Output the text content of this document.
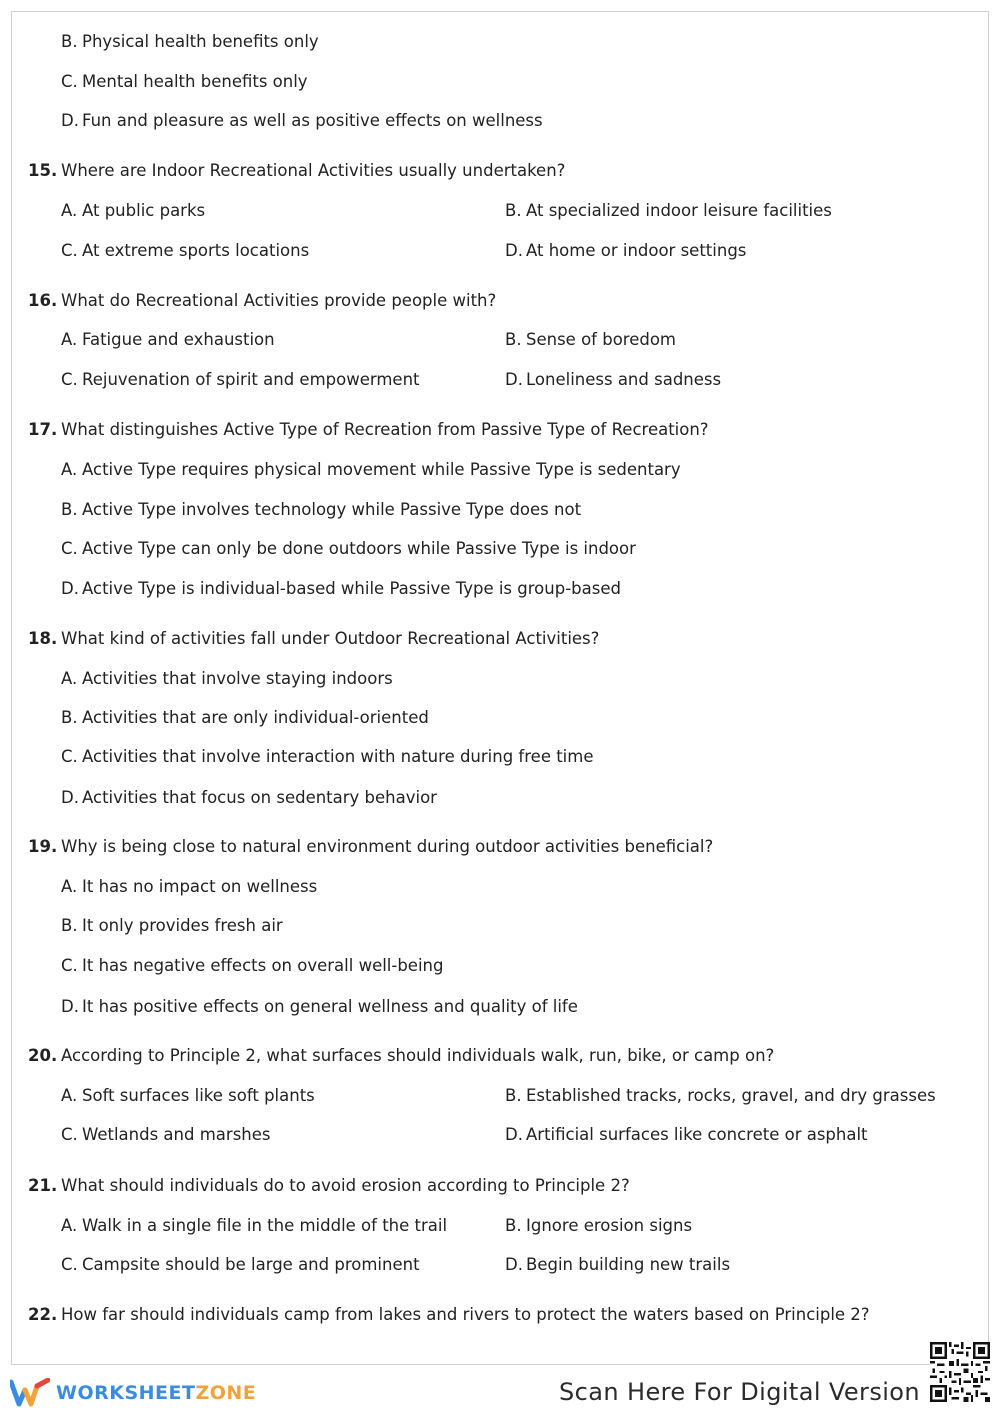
B. Physical health benefits only
C. Mental health benefits only
D. Fun and pleasure as well as positive effects on wellness
15. Where are Indoor Recreational Activities usually undertaken?
A. At public parks	B. At specialized indoor leisure facilities
C. At extreme sports locations	D. At home or indoor settings
16. What do Recreational Activities provide people with?
A. Fatigue and exhaustion	B. Sense of boredom
C. Rejuvenation of spirit and empowerment	D. Loneliness and sadness
17. What distinguishes Active Type of Recreation from Passive Type of Recreation?
A. Active Type requires physical movement while Passive Type is sedentary
B. Active Type involves technology while Passive Type does not
C. Active Type can only be done outdoors while Passive Type is indoor
D. Active Type is individual-based while Passive Type is group-based
18. What kind of activities fall under Outdoor Recreational Activities?
A. Activities that involve staying indoors
B. Activities that are only individual-oriented
C. Activities that involve interaction with nature during free time
D. Activities that focus on sedentary behavior
19. Why is being close to natural environment during outdoor activities beneficial?
A. It has no impact on wellness
B. It only provides fresh air
C. It has negative effects on overall well-being
D. It has positive effects on general wellness and quality of life
20. According to Principle 2, what surfaces should individuals walk, run, bike, or camp on?
A. Soft surfaces like soft plants	B. Established tracks, rocks, gravel, and dry grasses
C. Wetlands and marshes	D. Artificial surfaces like concrete or asphalt
21. What should individuals do to avoid erosion according to Principle 2?
A. Walk in a single file in the middle of the trail	B. Ignore erosion signs
C. Campsite should be large and prominent	D. Begin building new trails
22. How far should individuals camp from lakes and rivers to protect the waters based on Principle 2?
WORKSHEETZONE	Scan Here For Digital Version
